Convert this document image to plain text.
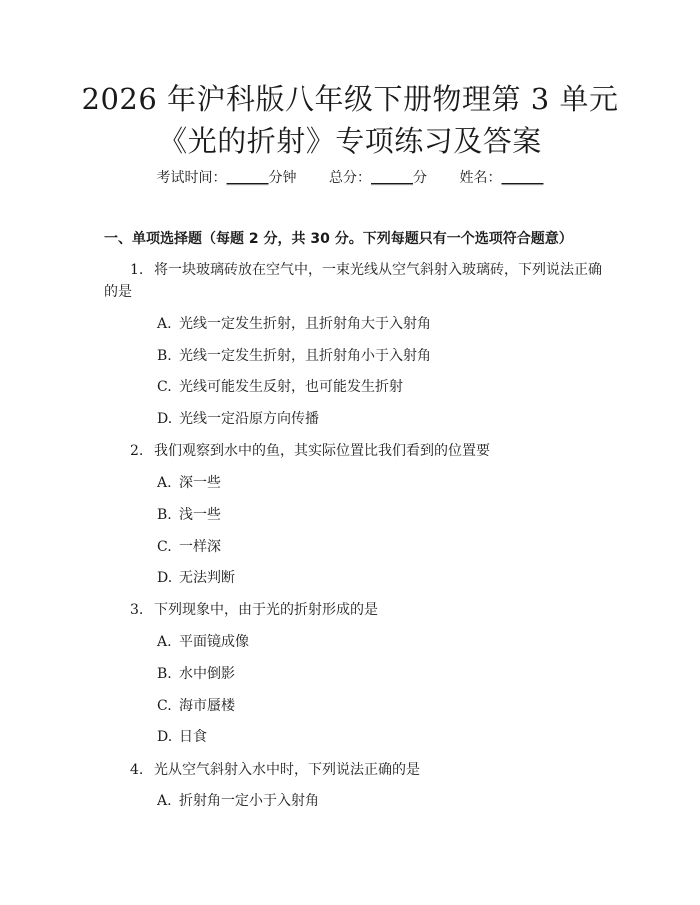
2026 年沪科版八年级下册物理第 3 单元《光的折射》专项练习及答案
考试时间：______分钟 总分：______分 姓名：______
一、单项选择题（每题 2 分，共 30 分。下列每题只有一个选项符合题意）
1. 将一块玻璃砖放在空气中，一束光线从空气斜射入玻璃砖，下列说法正确的是
A. 光线一定发生折射，且折射角大于入射角
B. 光线一定发生折射，且折射角小于入射角
C. 光线可能发生反射，也可能发生折射
D. 光线一定沿原方向传播
2. 我们观察到水中的鱼，其实际位置比我们看到的位置要
A. 深一些
B. 浅一些
C. 一样深
D. 无法判断
3. 下列现象中，由于光的折射形成的是
A. 平面镜成像
B. 水中倒影
C. 海市蜃楼
D. 日食
4. 光从空气斜射入水中时，下列说法正确的是
A. 折射角一定小于入射角
